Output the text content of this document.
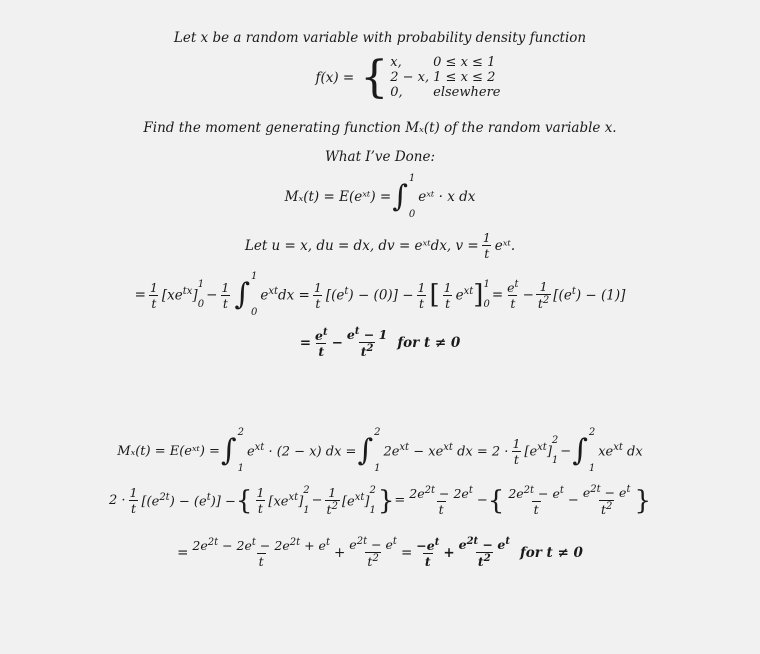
Let x be a random variable with probability density function
f(x) = { x,	0 ≤ x ≤ 1
2 − x,	1 ≤ x ≤ 2
0,	elsewhere
Find the moment generating function Mₓ(t) of the random variable x.
What I’ve Done:
Mₓ(t) = E(eˣᵗ) = ∫
1
0
eˣᵗ · x dx
Let u = x, du = dx, dv = eˣᵗdx, $v = \frac{1}{t}$ eˣᵗ.
= $\frac{1}{t} [xe^{tx}]$
1
0
− $\frac{1}{t}$ ∫
1
0
$e^{xt}dx = \frac{1}{t} [(e^t) - (0)] - \frac{1}{t}$ [ $\frac{1}{t} e^{xt}$ ] 1
0
= $\frac{e^t}{t} - \frac{1}{t^2} [(e^t) - (1)]$
= $\frac{e^t}{t} - \frac{e^t - 1}{t^2}$ for t ≠ 0
Mₓ(t) = E(eˣᵗ) = ∫
2
1
$e^{xt} \cdot (2 - x)$ dx = ∫
2
1
$2e^{xt} - xe^{xt}$ dx = $2 \cdot \frac{1}{t} [e^{xt}]$
2
1
− ∫
2
1
$xe^{xt}$ dx
$2 \cdot \frac{1}{t} [(e^{2t}) - (e^t)]$ − { $\frac{1}{t} [xe^{xt}]$
2
1
− $\frac{1}{t^2} [e^{xt}]$
2
1 } = $\frac{2e^{2t} - 2e^t}{t}$ − { $\frac{2e^{2t} - e^t}{t} - \frac{e^{2t} - e^t}{t^2}$ }
= $\frac{2e^{2t} - 2e^t - 2e^{2t} + e^t}{t} + \frac{e^{2t} - e^t}{t^2} = \frac{-e^t}{t} + \frac{e^{2t} - e^t}{t^2}$ for t ≠ 0
